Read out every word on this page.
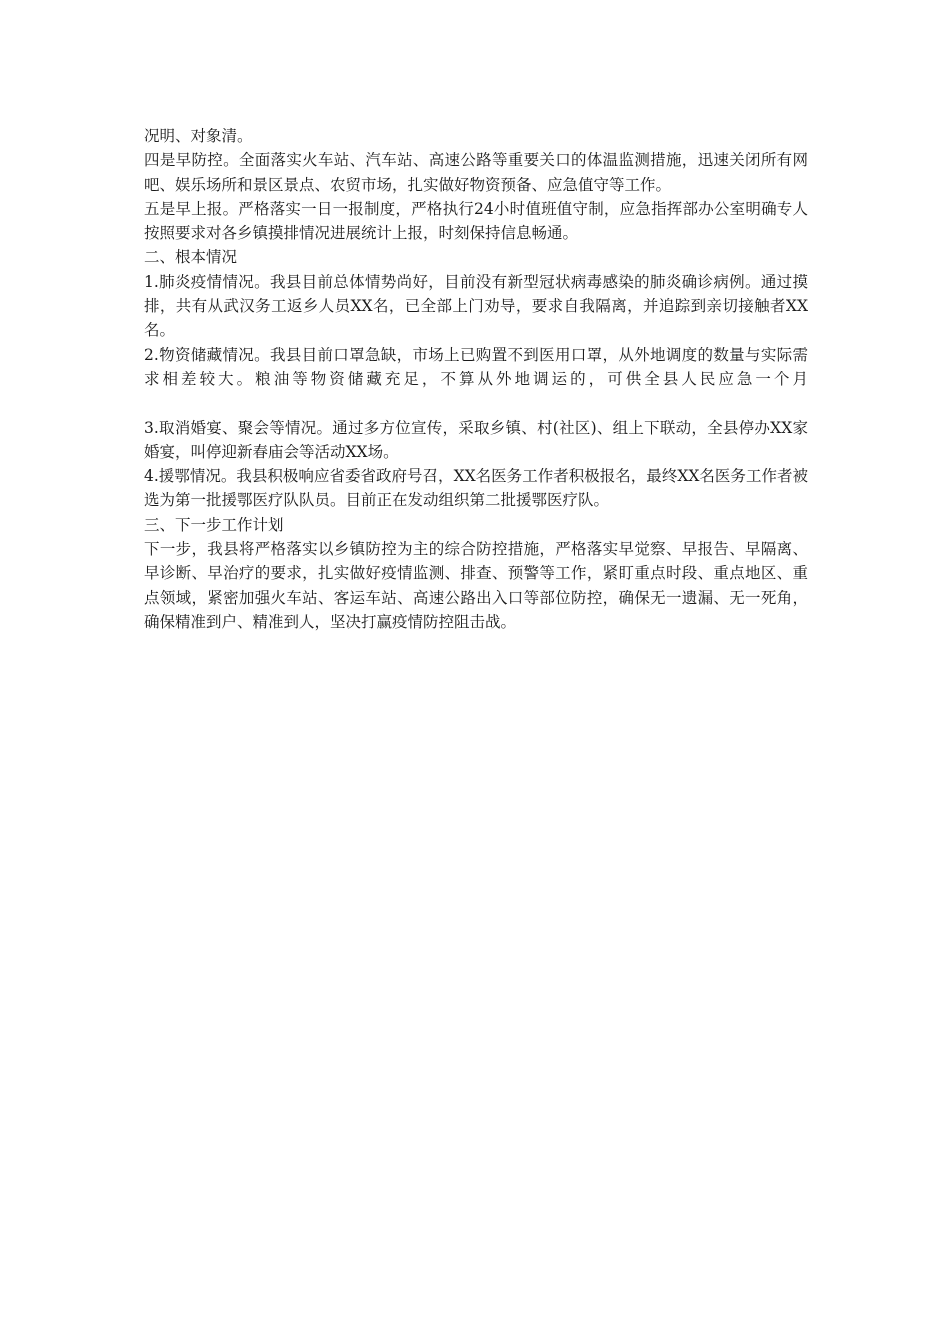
况明、对象清。

四是早防控。全面落实火车站、汽车站、高速公路等重要关口的体温监测措施，迅速关闭所有网吧、娱乐场所和景区景点、农贸市场，扎实做好物资预备、应急值守等工作。

五是早上报。严格落实一日一报制度，严格执行24小时值班值守制，应急指挥部办公室明确专人按照要求对各乡镇摸排情况进展统计上报，时刻保持信息畅通。

二、根本情况

1.肺炎疫情情况。我县目前总体情势尚好，目前没有新型冠状病毒感染的肺炎确诊病例。通过摸排，共有从武汉务工返乡人员XX名，已全部上门劝导，要求自我隔离，并追踪到亲切接触者XX名。

2.物资储藏情况。我县目前口罩急缺，市场上已购置不到医用口罩，从外地调度的数量与实际需求相差较大。粮油等物资储藏充足，不算从外地调运的，可供全县人民应急一个月

3.取消婚宴、聚会等情况。通过多方位宣传，采取乡镇、村(社区)、组上下联动，全县停办XX家婚宴，叫停迎新春庙会等活动XX场。

4.援鄂情况。我县积极响应省委省政府号召，XX名医务工作者积极报名，最终XX名医务工作者被选为第一批援鄂医疗队队员。目前正在发动组织第二批援鄂医疗队。

三、下一步工作计划

下一步，我县将严格落实以乡镇防控为主的综合防控措施，严格落实早觉察、早报告、早隔离、早诊断、早治疗的要求，扎实做好疫情监测、排查、预警等工作，紧盯重点时段、重点地区、重点领域，紧密加强火车站、客运车站、高速公路出入口等部位防控，确保无一遗漏、无一死角，确保精准到户、精准到人，坚决打赢疫情防控阻击战。
